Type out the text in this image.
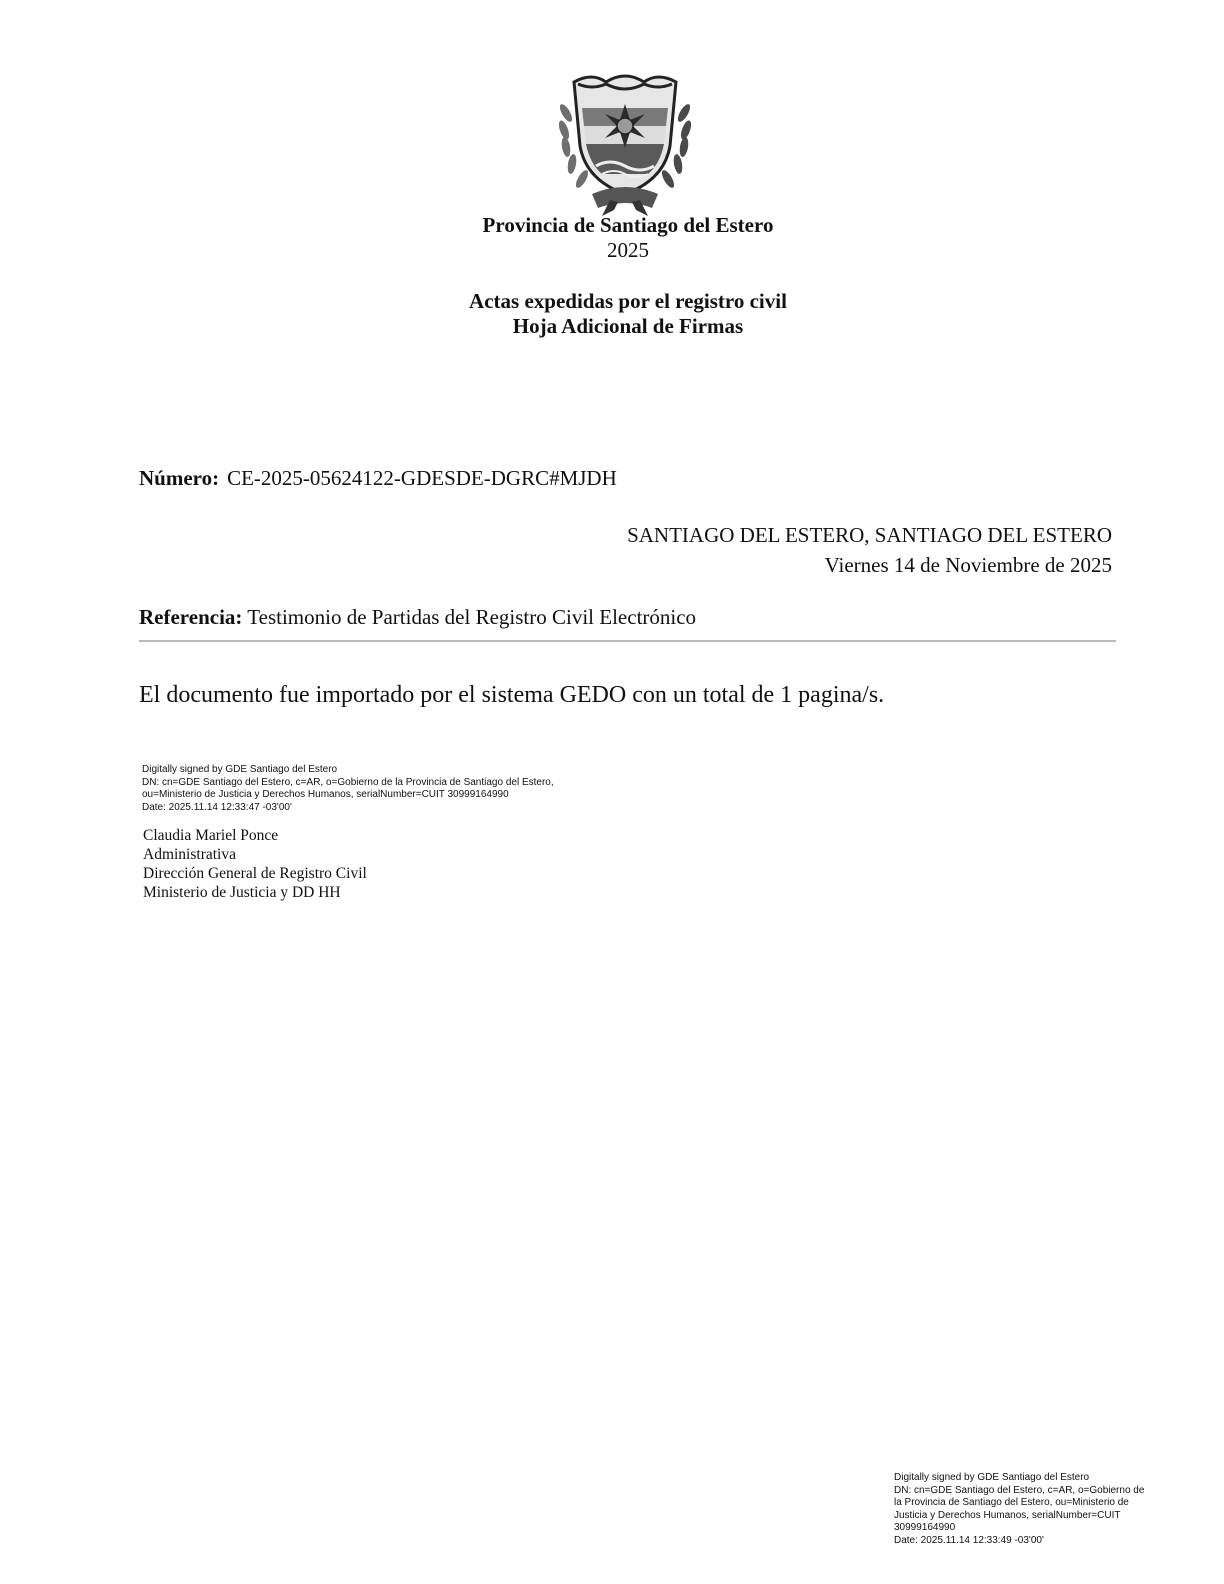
Provincia de Santiago del Estero
2025
Actas expedidas por el registro civil
Hoja Adicional de Firmas
Número: CE-2025-05624122-GDESDE-DGRC#MJDH
SANTIAGO DEL ESTERO, SANTIAGO DEL ESTERO
Viernes 14 de Noviembre de 2025
Referencia: Testimonio de Partidas del Registro Civil Electrónico
El documento fue importado por el sistema GEDO con un total de 1 pagina/s.
Digitally signed by GDE Santiago del Estero
DN: cn=GDE Santiago del Estero, c=AR, o=Gobierno de la Provincia de Santiago del Estero,
ou=Ministerio de Justicia y Derechos Humanos, serialNumber=CUIT 30999164990
Date: 2025.11.14 12:33:47 -03'00'
Claudia Mariel Ponce
Administrativa
Dirección General de Registro Civil
Ministerio de Justicia y DD HH
Digitally signed by GDE Santiago del Estero
DN: cn=GDE Santiago del Estero, c=AR, o=Gobierno de
la Provincia de Santiago del Estero, ou=Ministerio de
Justicia y Derechos Humanos, serialNumber=CUIT
30999164990
Date: 2025.11.14 12:33:49 -03'00'
